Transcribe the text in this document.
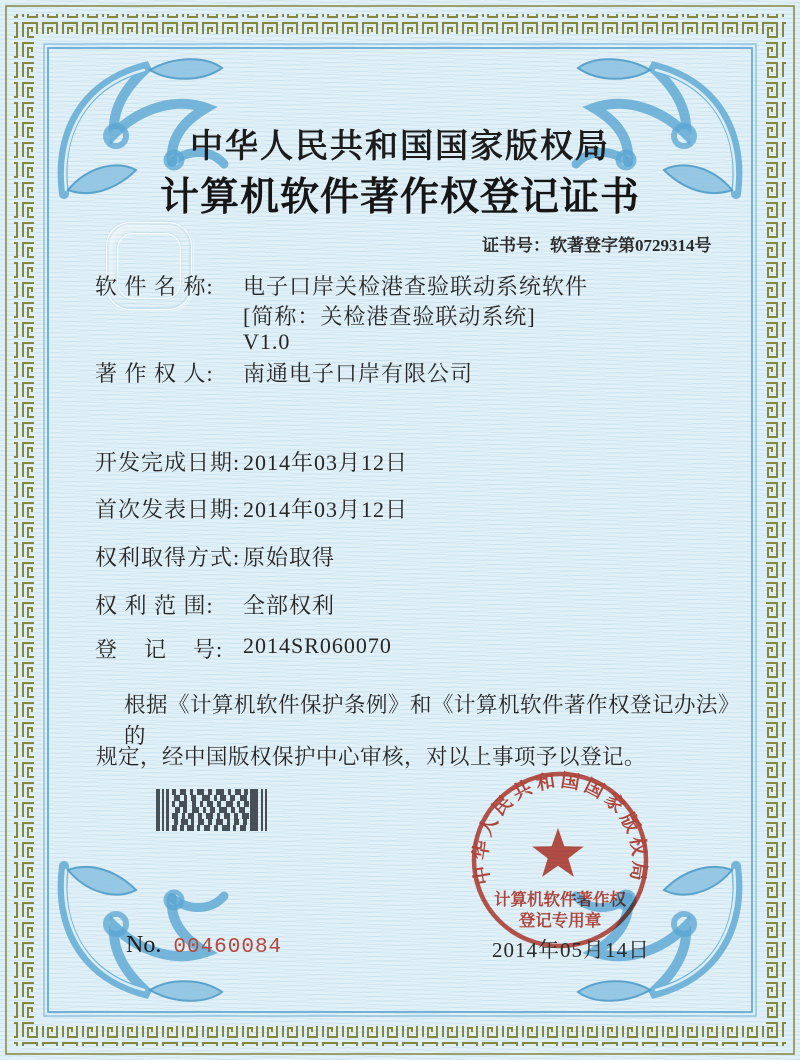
中华人民共和国国家版权局
计算机软件著作权登记证书
证书号：软著登字第0729314号
软 件 名 称:	电子口岸关检港查验联动系统软件
[简称：关检港查验联动系统]
V1.0
著 作 权 人:	南通电子口岸有限公司
开发完成日期: 2014年03月12日
首次发表日期: 2014年03月12日
权利取得方式: 原始取得
权 利 范 围:	全部权利
登    记    号: 2014SR060070
根据《计算机软件保护条例》和《计算机软件著作权登记办法》的
规定，经中国版权保护中心审核，对以上事项予以登记。
中华人民共和国国家版权局
计算机软件著作权
登记专用章
No. 00460084	2014年05月14日
